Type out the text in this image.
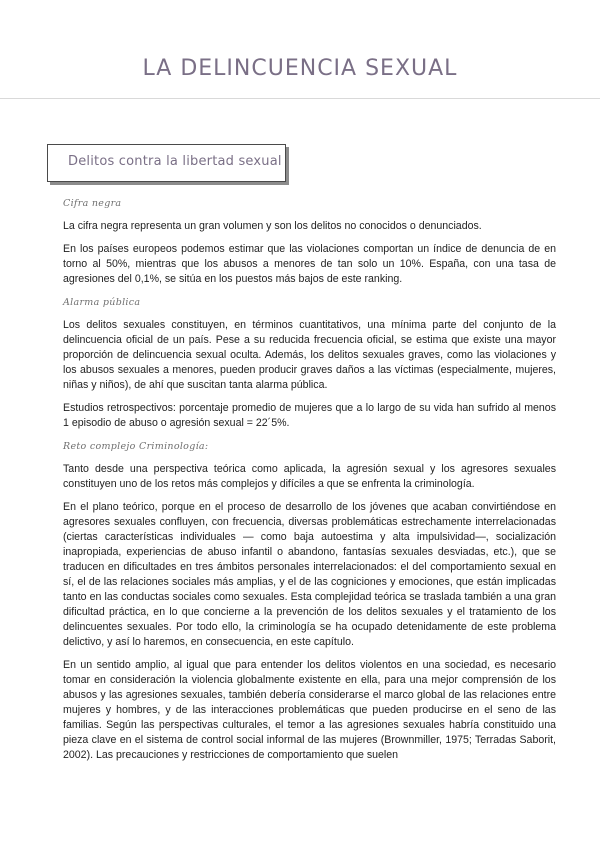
LA DELINCUENCIA SEXUAL
Delitos contra la libertad sexual
Cifra negra

La cifra negra representa un gran volumen y son los delitos no conocidos o denunciados.

En los países europeos podemos estimar que las violaciones comportan un índice de denuncia de en torno al 50%, mientras que los abusos a menores de tan solo un 10%. España, con una tasa de agresiones del 0,1%, se sitúa en los puestos más bajos de este ranking.

Alarma pública

Los delitos sexuales constituyen, en términos cuantitativos, una mínima parte del conjunto de la delincuencia oficial de un país. Pese a su reducida frecuencia oficial, se estima que existe una mayor proporción de delincuencia sexual oculta. Además, los delitos sexuales graves, como las violaciones y los abusos sexuales a menores, pueden producir graves daños a las víctimas (especialmente, mujeres, niñas y niños), de ahí que suscitan tanta alarma pública.

Estudios retrospectivos: porcentaje promedio de mujeres que a lo largo de su vida han sufrido al menos 1 episodio de abuso o agresión sexual = 22´5%.

Reto complejo Criminología:

Tanto desde una perspectiva teórica como aplicada, la agresión sexual y los agresores sexuales constituyen uno de los retos más complejos y difíciles a que se enfrenta la criminología.

En el plano teórico, porque en el proceso de desarrollo de los jóvenes que acaban convirtiéndose en agresores sexuales confluyen, con frecuencia, diversas problemáticas estrechamente interrelacionadas (ciertas características individuales — como baja autoestima y alta impulsividad—, socialización inapropiada, experiencias de abuso infantil o abandono, fantasías sexuales desviadas, etc.), que se traducen en dificultades en tres ámbitos personales interrelacionados: el del comportamiento sexual en sí, el de las relaciones sociales más amplias, y el de las cogniciones y emociones, que están implicadas tanto en las conductas sociales como sexuales. Esta complejidad teórica se traslada también a una gran dificultad práctica, en lo que concierne a la prevención de los delitos sexuales y el tratamiento de los delincuentes sexuales. Por todo ello, la criminología se ha ocupado detenidamente de este problema delictivo, y así lo haremos, en consecuencia, en este capítulo.

En un sentido amplio, al igual que para entender los delitos violentos en una sociedad, es necesario tomar en consideración la violencia globalmente existente en ella, para una mejor comprensión de los abusos y las agresiones sexuales, también debería considerarse el marco global de las relaciones entre mujeres y hombres, y de las interacciones problemáticas que pueden producirse en el seno de las familias. Según las perspectivas culturales, el temor a las agresiones sexuales habría constituido una pieza clave en el sistema de control social informal de las mujeres (Brownmiller, 1975; Terradas Saborit, 2002). Las precauciones y restricciones de comportamiento que suelen
